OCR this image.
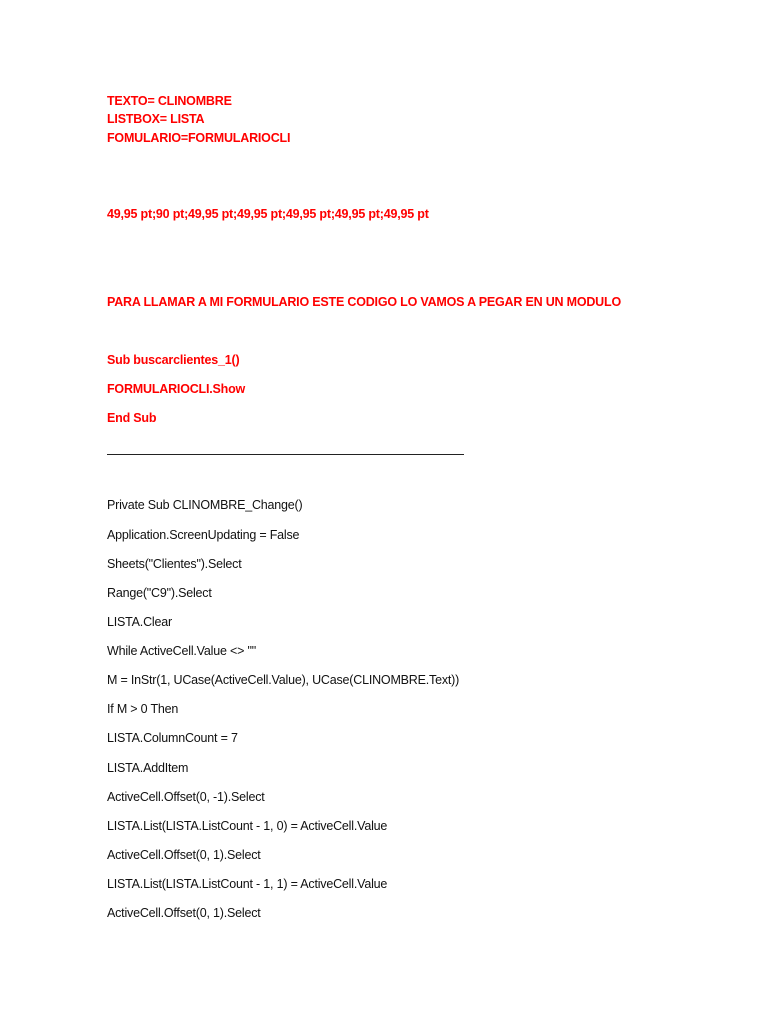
TEXTO= CLINOMBRE
LISTBOX= LISTA
FOMULARIO=FORMULARIOCLI
49,95 pt;90 pt;49,95 pt;49,95 pt;49,95 pt;49,95 pt;49,95 pt
PARA LLAMAR A MI FORMULARIO ESTE CODIGO LO VAMOS A PEGAR EN UN MODULO
Sub buscarclientes_1()
FORMULARIOCLI.Show
End Sub
Private Sub CLINOMBRE_Change()
Application.ScreenUpdating = False
Sheets("Clientes").Select
Range("C9").Select
LISTA.Clear
While ActiveCell.Value <> ""
M = InStr(1, UCase(ActiveCell.Value), UCase(CLINOMBRE.Text))
If M > 0 Then
LISTA.ColumnCount = 7
LISTA.AddItem
ActiveCell.Offset(0, -1).Select
LISTA.List(LISTA.ListCount - 1, 0) = ActiveCell.Value
ActiveCell.Offset(0, 1).Select
LISTA.List(LISTA.ListCount - 1, 1) = ActiveCell.Value
ActiveCell.Offset(0, 1).Select
